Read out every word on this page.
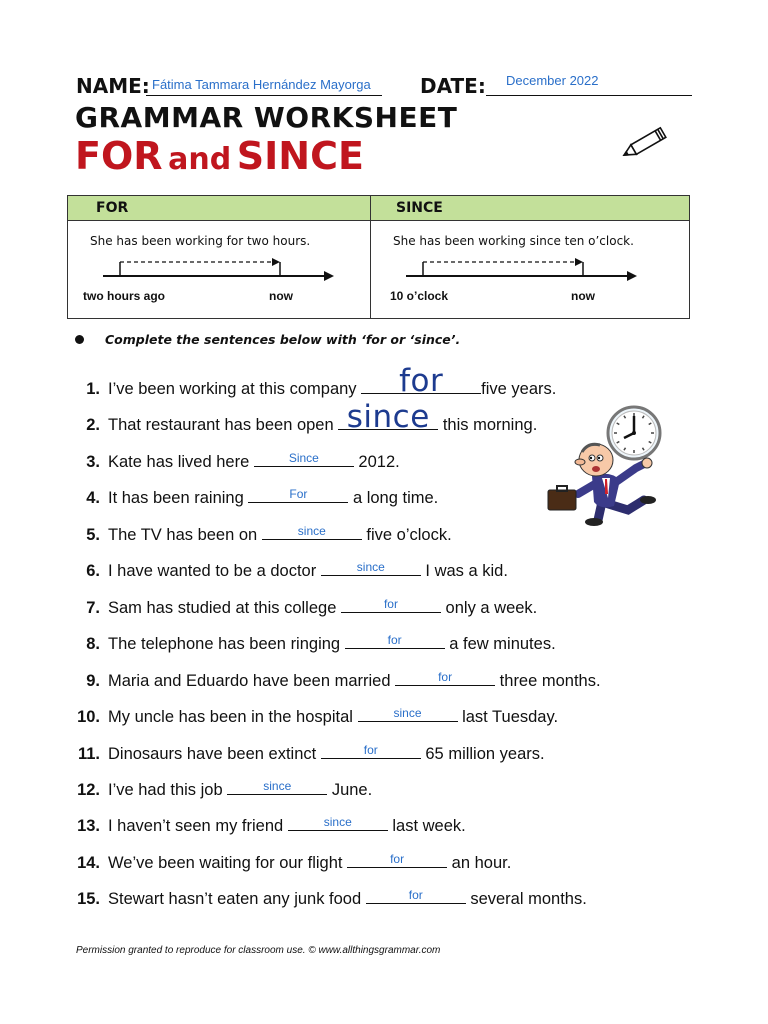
NAME: Fátima Tammara Hernández Mayorga DATE: December 2022
GRAMMAR WORKSHEET
FOR and SINCE
FOR
She has been working for two hours.
two hours ago	now
SINCE
She has been working since ten o’clock.
10 o’clock	now
Complete the sentences below with ‘for or ‘since’.
1. I’ve been working at this company	for	five years.
2. That restaurant has been open since this morning.
3. Kate has lived here	Since	2012.
4. It has been raining	For	a long time.
5. The TV has been on	since	five o’clock.
6. I have wanted to be a doctor	since	I was a kid.
7. Sam has studied at this college	for	only a week.
8. The telephone has been ringing	for	a few minutes.
9. Maria and Eduardo have been married	for	three months.
10. My uncle has been in the hospital	since	last Tuesday.
11. Dinosaurs have been extinct	for	65 million years.
12. I’ve had this job	since	June.
13. I haven’t seen my friend	since	last week.
14. We’ve been waiting for our flight	for	an hour.
15. Stewart hasn’t eaten any junk food	for	several months.
Permission granted to reproduce for classroom use. © www.allthingsgrammar.com
